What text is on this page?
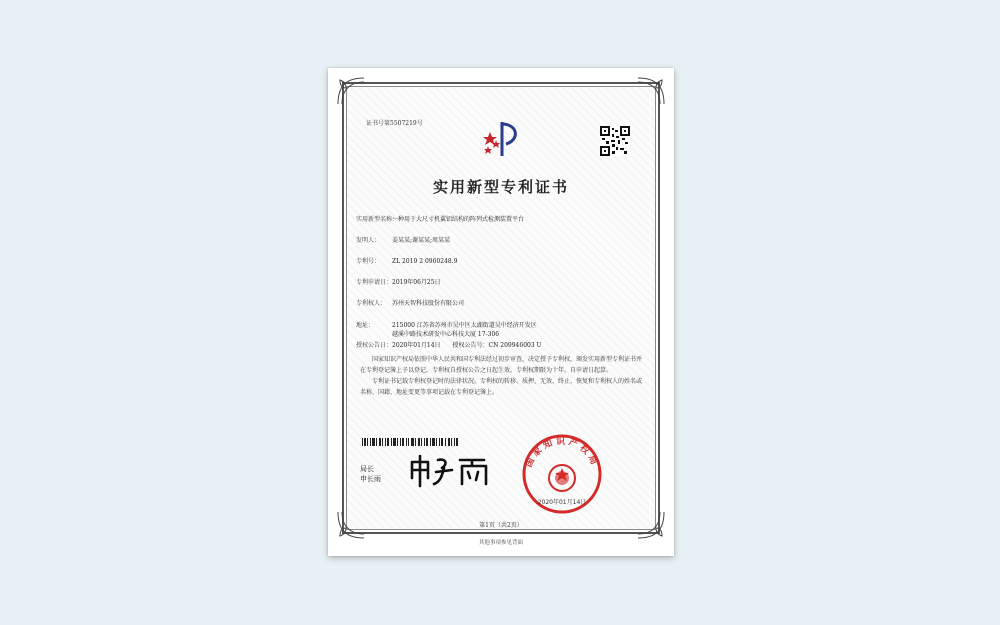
证书号第5507219号
实用新型专利证书
实用新型名称：一种用于大尺寸机翼铝结构的阵列式检测装置平台
发明人： 姜某某;谢某某;周某某
专利号： ZL 2019 2 0960248.9
专利申请日：2019年06月25日
专利权人： 苏州天智科技股份有限公司
地址：	215000 江苏省苏州市吴中区太湖街道吴中经济开发区
越溪中路技术研发中心科技大厦 17-306
授权公告日：2020年01月14日　　授权公告号：CN 209946003 U

国家知识产权局依照中华人民共和国专利法经过初步审查，决定授予专利权，颁发实用新型专利证书并在专利登记簿上予以登记。专利权自授权公告之日起生效。专利权期限为十年，自申请日起算。

专利证书记载专利权登记时的法律状况。专利权的转移、质押、无效、终止、恢复和专利权人的姓名或名称、国籍、地址变更等事项记载在专利登记簿上。

局长
申长雨
国家知识产权局
2020年01月14日
第1页（共2页）
其他事项参见背面
